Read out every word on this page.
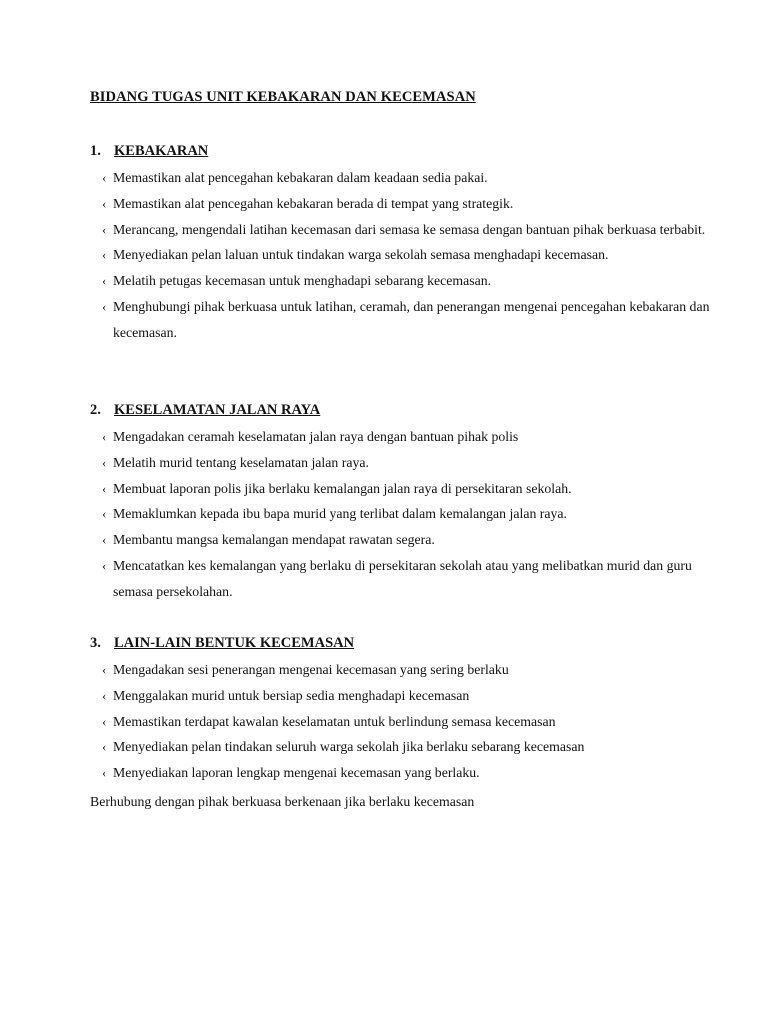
BIDANG TUGAS UNIT KEBAKARAN DAN KECEMASAN
1. KEBAKARAN
‹ Memastikan alat pencegahan kebakaran dalam keadaan sedia pakai.
‹ Memastikan alat pencegahan kebakaran berada di tempat yang strategik.
‹ Merancang, mengendali latihan kecemasan dari semasa ke semasa dengan bantuan pihak berkuasa terbabit.
‹ Menyediakan pelan laluan untuk tindakan warga sekolah semasa menghadapi kecemasan.
‹ Melatih petugas kecemasan untuk menghadapi sebarang kecemasan.
‹ Menghubungi pihak berkuasa untuk latihan, ceramah, dan penerangan mengenai pencegahan kebakaran dan kecemasan.
2. KESELAMATAN JALAN RAYA
‹ Mengadakan ceramah keselamatan jalan raya dengan bantuan pihak polis
‹ Melatih murid tentang keselamatan jalan raya.
‹ Membuat laporan polis jika berlaku kemalangan jalan raya di persekitaran sekolah.
‹ Memaklumkan kepada ibu bapa murid yang terlibat dalam kemalangan jalan raya.
‹ Membantu mangsa kemalangan mendapat rawatan segera.
‹ Mencatatkan kes kemalangan yang berlaku di persekitaran sekolah atau yang melibatkan murid dan guru semasa persekolahan.
3. LAIN-LAIN BENTUK KECEMASAN
‹ Mengadakan sesi penerangan mengenai kecemasan yang sering berlaku
‹ Menggalakan murid untuk bersiap sedia menghadapi kecemasan
‹ Memastikan terdapat kawalan keselamatan untuk berlindung semasa kecemasan
‹ Menyediakan pelan tindakan seluruh warga sekolah jika berlaku sebarang kecemasan
‹ Menyediakan laporan lengkap mengenai kecemasan yang berlaku.
Berhubung dengan pihak berkuasa berkenaan jika berlaku kecemasan
